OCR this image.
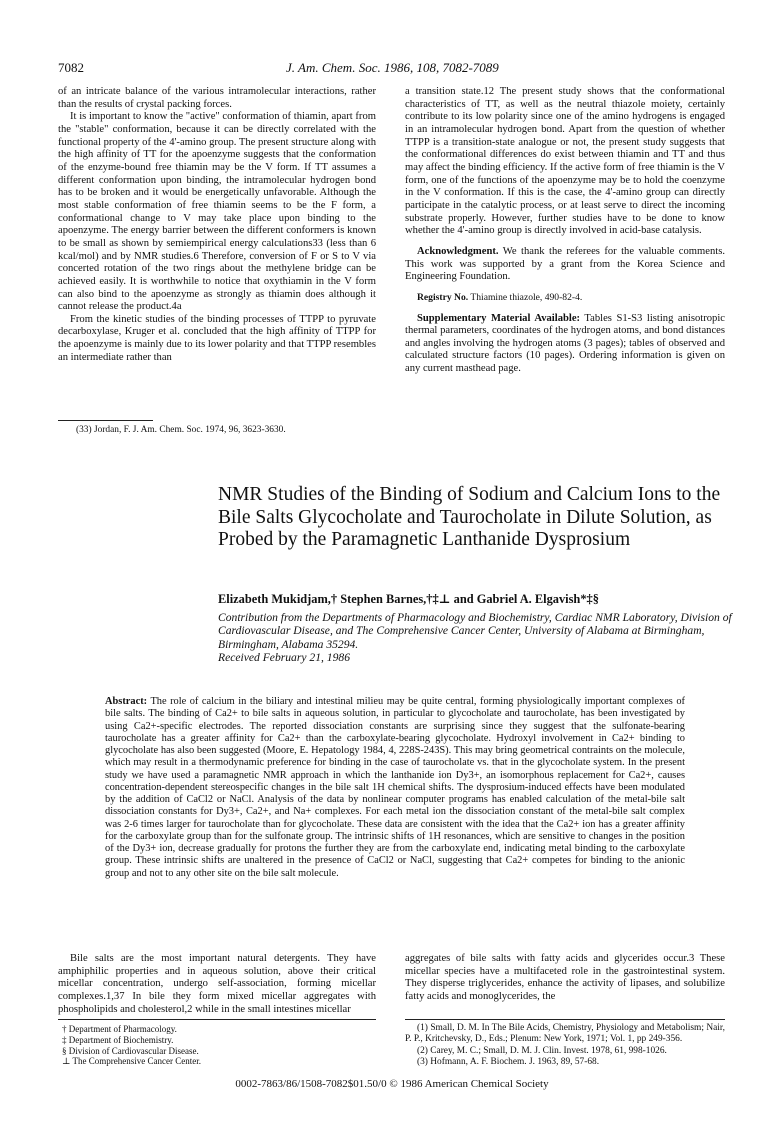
7082	J. Am. Chem. Soc. 1986, 108, 7082-7089

of an intricate balance of the various intramolecular interactions, rather than the results of crystal packing forces.

It is important to know the "active" conformation of thiamin, apart from the "stable" conformation, because it can be directly correlated with the functional property of the 4'-amino group. The present structure along with the high affinity of TT for the apoenzyme suggests that the conformation of the enzyme-bound free thiamin may be the V form. If TT assumes a different conformation upon binding, the intramolecular hydrogen bond has to be broken and it would be energetically unfavorable. Although the most stable conformation of free thiamin seems to be the F form, a conformational change to V may take place upon binding to the apoenzyme. The energy barrier between the different conformers is known to be small as shown by semiempirical energy calculations33 (less than 6 kcal/mol) and by NMR studies.6 Therefore, conversion of F or S to V via concerted rotation of the two rings about the methylene bridge can be achieved easily. It is worthwhile to notice that oxythiamin in the V form can also bind to the apoenzyme as strongly as thiamin does although it cannot release the product.4a

From the kinetic studies of the binding processes of TTPP to pyruvate decarboxylase, Kruger et al. concluded that the high affinity of TTPP for the apoenzyme is mainly due to its lower polarity and that TTPP resembles an intermediate rather than

(33) Jordan, F. J. Am. Chem. Soc. 1974, 96, 3623-3630.

a transition state.12 The present study shows that the conformational characteristics of TT, as well as the neutral thiazole moiety, certainly contribute to its low polarity since one of the amino hydrogens is engaged in an intramolecular hydrogen bond. Apart from the question of whether TTPP is a transition-state analogue or not, the present study suggests that the conformational differences do exist between thiamin and TT and thus may affect the binding efficiency. If the active form of free thiamin is the V form, one of the functions of the apoenzyme may be to hold the coenzyme in the V conformation. If this is the case, the 4'-amino group can directly participate in the catalytic process, or at least serve to direct the incoming substrate properly. However, further studies have to be done to know whether the 4'-amino group is directly involved in acid-base catalysis.

Acknowledgment. We thank the referees for the valuable comments. This work was supported by a grant from the Korea Science and Engineering Foundation.

Registry No. Thiamine thiazole, 490-82-4.

Supplementary Material Available: Tables S1-S3 listing anisotropic thermal parameters, coordinates of the hydrogen atoms, and bond distances and angles involving the hydrogen atoms (3 pages); tables of observed and calculated structure factors (10 pages). Ordering information is given on any current masthead page.

NMR Studies of the Binding of Sodium and Calcium Ions to the Bile Salts Glycocholate and Taurocholate in Dilute Solution, as Probed by the Paramagnetic Lanthanide Dysprosium
Elizabeth Mukidjam,† Stephen Barnes,†‡⊥ and Gabriel A. Elgavish*‡§
Contribution from the Departments of Pharmacology and Biochemistry, Cardiac NMR Laboratory, Division of Cardiovascular Disease, and The Comprehensive Cancer Center, University of Alabama at Birmingham, Birmingham, Alabama 35294.
Received February 21, 1986
Abstract: The role of calcium in the biliary and intestinal milieu may be quite central, forming physiologically important complexes of bile salts. The binding of Ca2+ to bile salts in aqueous solution, in particular to glycocholate and taurocholate, has been investigated by using Ca2+-specific electrodes. The reported dissociation constants are surprising since they suggest that the sulfonate-bearing taurocholate has a greater affinity for Ca2+ than the carboxylate-bearing glycocholate. Hydroxyl involvement in Ca2+ binding to glycocholate has also been suggested (Moore, E. Hepatology 1984, 4, 228S-243S). This may bring geometrical contraints on the molecule, which may result in a thermodynamic preference for binding in the case of taurocholate vs. that in the glycocholate system. In the present study we have used a paramagnetic NMR approach in which the lanthanide ion Dy3+, an isomorphous replacement for Ca2+, causes concentration-dependent stereospecific changes in the bile salt 1H chemical shifts. The dysprosium-induced effects have been modulated by the addition of CaCl2 or NaCl. Analysis of the data by nonlinear computer programs has enabled calculation of the metal-bile salt dissociation constants for Dy3+, Ca2+, and Na+ complexes. For each metal ion the dissociation constant of the metal-bile salt complex was 2-6 times larger for taurocholate than for glycocholate. These data are consistent with the idea that the Ca2+ ion has a greater affinity for the carboxylate group than for the sulfonate group. The intrinsic shifts of 1H resonances, which are sensitive to changes in the position of the Dy3+ ion, decrease gradually for protons the further they are from the carboxylate end, indicating metal binding to the carboxylate group. These intrinsic shifts are unaltered in the presence of CaCl2 or NaCl, suggesting that Ca2+ competes for binding to the anionic group and not to any other site on the bile salt molecule.

Bile salts are the most important natural detergents. They have amphiphilic properties and in aqueous solution, above their critical micellar concentration, undergo self-association, forming micellar complexes.1,37 In bile they form mixed micellar aggregates with phospholipids and cholesterol,2 while in the small intestines micellar

aggregates of bile salts with fatty acids and glycerides occur.3 These micellar species have a multifaceted role in the gastrointestinal system. They disperse triglycerides, enhance the activity of lipases, and solubilize fatty acids and monoglycerides, the

† Department of Pharmacology.
‡ Department of Biochemistry.
§ Division of Cardiovascular Disease.
⊥ The Comprehensive Cancer Center.
(1) Small, D. M. In The Bile Acids, Chemistry, Physiology and Metabolism; Nair, P. P., Kritchevsky, D., Eds.; Plenum: New York, 1971; Vol. 1, pp 249-356.
(2) Carey, M. C.; Small, D. M. J. Clin. Invest. 1978, 61, 998-1026.
(3) Hofmann, A. F. Biochem. J. 1963, 89, 57-68.
0002-7863/86/1508-7082$01.50/0 © 1986 American Chemical Society
